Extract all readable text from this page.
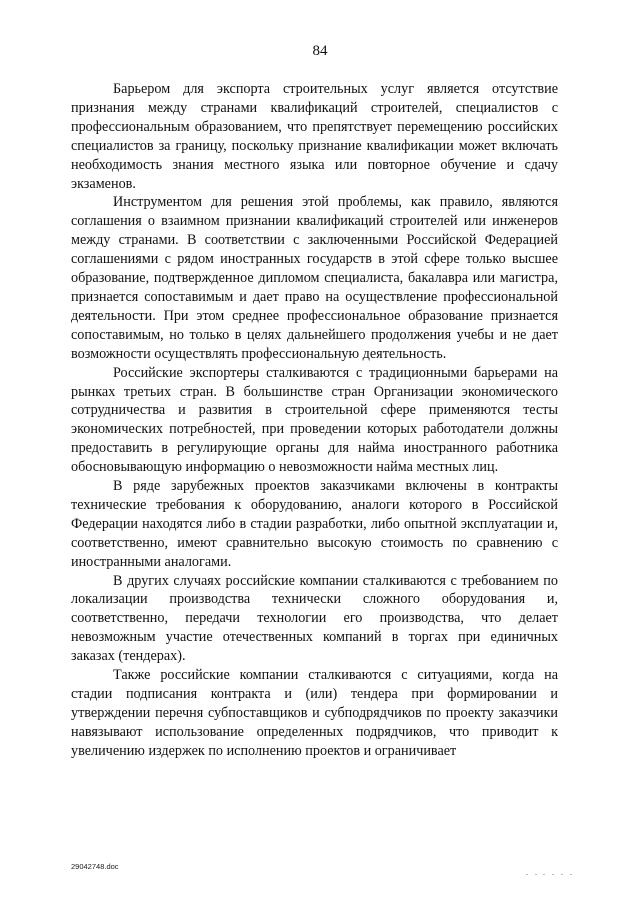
84

Барьером для экспорта строительных услуг является отсутствие признания между странами квалификаций строителей, специалистов с профессиональным образованием, что препятствует перемещению российских специалистов за границу, поскольку признание квалификации может включать необходимость знания местного языка или повторное обучение и сдачу экзаменов.

Инструментом для решения этой проблемы, как правило, являются соглашения о взаимном признании квалификаций строителей или инженеров между странами. В соответствии с заключенными Российской Федерацией соглашениями с рядом иностранных государств в этой сфере только высшее образование, подтвержденное дипломом специалиста, бакалавра или магистра, признается сопоставимым и дает право на осуществление профессиональной деятельности. При этом среднее профессиональное образование признается сопоставимым, но только в целях дальнейшего продолжения учебы и не дает возможности осуществлять профессиональную деятельность.

Российские экспортеры сталкиваются с традиционными барьерами на рынках третьих стран. В большинстве стран Организации экономического сотрудничества и развития в строительной сфере применяются тесты экономических потребностей, при проведении которых работодатели должны предоставить в регулирующие органы для найма иностранного работника обосновывающую информацию о невозможности найма местных лиц.

В ряде зарубежных проектов заказчиками включены в контракты технические требования к оборудованию, аналоги которого в Российской Федерации находятся либо в стадии разработки, либо опытной эксплуатации и, соответственно, имеют сравнительно высокую стоимость по сравнению с иностранными аналогами.

В других случаях российские компании сталкиваются с требованием по локализации производства технически сложного оборудования и, соответственно, передачи технологии его производства, что делает невозможным участие отечественных компаний в торгах при единичных заказах (тендерах).

Также российские компании сталкиваются с ситуациями, когда на стадии подписания контракта и (или) тендера при формировании и утверждении перечня субпоставщиков и субподрядчиков по проекту заказчики навязывают использование определенных подрядчиков, что приводит к увеличению издержек по исполнению проектов и ограничивает

29042748.doc
